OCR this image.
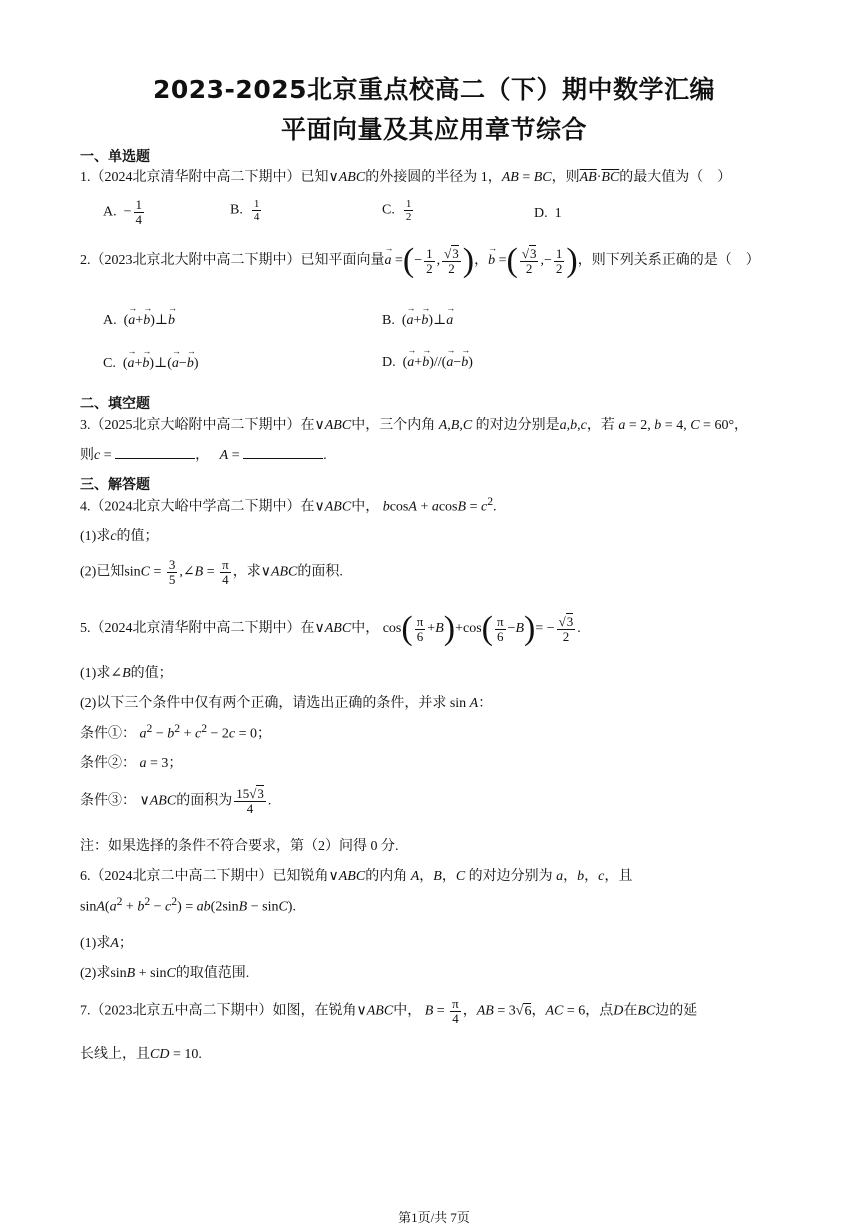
2023-2025北京重点校高二（下）期中数学汇编
平面向量及其应用章节综合
一、单选题
1.（2024北京清华附中高二下期中）已知∨ABC的外接圆的半径为 1，AB = BC，则$\overline{AB}\cdot\overline{BC}$的最大值为（　）
A.  − $\frac{1}{4}$	B. $\frac{1}{4}$	C. $\frac{1}{2}$	D. 1
2.（2023北京北大附中高二下期中）已知平面向量→ a =(− $\frac{1}{2}$ , $\frac{√3}{2}$ )，→ b =( $\frac{√3}{2}$ ,− $\frac{1}{2}$ )，则下列关系正确的是（　）
A.  (→ a+→ b)⊥→ b	B.  (→ a+→ b)⊥→ a
C.  (→ a+→ b)⊥(→ a−→ b)	D.  (→ a+→ b)//(→ a−→ b)
二、填空题
3.（2025北京大峪附中高二下期中）在∨ABC中，三个内角 A,B,C 的对边分别是a,b,c，若 a = 2, b = 4, C = 60°，
则c =	， A =	.
三、解答题
4.（2024北京大峪中学高二下期中）在∨ABC中， $bcosA + acosB = c^2$.
(1)求c的值；
(2)已知$\sin C = \frac{3}{5}$ ,∠B = $\frac{\pi}{4}$ ，求∨ABC的面积.
5.（2024北京清华附中高二下期中）在∨ABC中， $\cos( \frac{\pi}{6} +B)+\cos( \frac{\pi}{6} -B)= - \frac{√3}{2}$ .
(1)求∠B的值；
(2)以下三个条件中仅有两个正确，请选出正确的条件，并求 sin A：
条件①： $a^2 - b^2 + c^2 - 2c = 0$；
条件②： a = 3；
条件③： ∨ABC的面积为 $\frac{15√3}{4}$ .
注：如果选择的条件不符合要求，第（2）问得 0 分.
6.（2024北京二中高二下期中）已知锐角∨ABC的内角 A，B，C 的对边分别为 a，b，c，且
$\sin A(a^2 + b^2 - c^2) = ab(2\sin B - \sin C)$.
(1)求A；
(2)求sinB + sinC的取值范围.
7.（2023北京五中高二下期中）如图，在锐角∨ABC中， $B = \frac{\pi}{4}$ ，AB = 3√6，AC = 6，点D在BC边的延
长线上，且CD = 10.
第1页/共 7页
